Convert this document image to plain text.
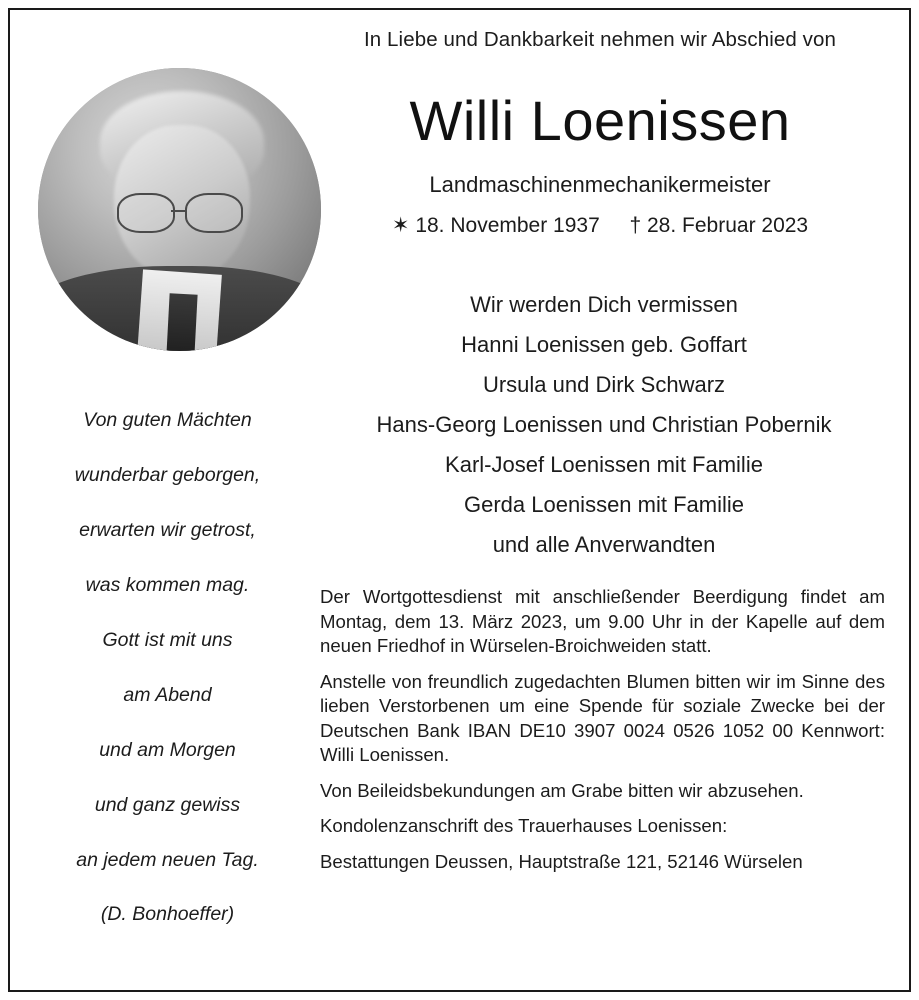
In Liebe und Dankbarkeit nehmen wir Abschied von
Willi Loenissen
Landmaschinenmechanikermeister
✶ 18. November 1937 † 28. Februar 2023
Von guten Mächten
wunderbar geborgen,
erwarten wir getrost,
was kommen mag.
Gott ist mit uns
am Abend
und am Morgen
und ganz gewiss
an jedem neuen Tag.
(D. Bonhoeffer)
Wir werden Dich vermissen
Hanni Loenissen geb. Goffart
Ursula und Dirk Schwarz
Hans-Georg Loenissen und Christian Pobernik
Karl-Josef Loenissen mit Familie
Gerda Loenissen mit Familie
und alle Anverwandten

Der Wortgottesdienst mit anschließender Beerdigung findet am Montag, dem 13. März 2023, um 9.00 Uhr in der Kapelle auf dem neuen Friedhof in Würselen-Broichweiden statt.

Anstelle von freundlich zugedachten Blumen bitten wir im Sinne des lieben Verstorbenen um eine Spende für soziale Zwecke bei der Deutschen Bank IBAN DE10 3907 0024 0526 1052 00 Kennwort: Willi Loenissen.

Von Beileidsbekundungen am Grabe bitten wir abzusehen.

Kondolenzanschrift des Trauerhauses Loenissen:

Bestattungen Deussen, Hauptstraße 121, 52146 Würselen
